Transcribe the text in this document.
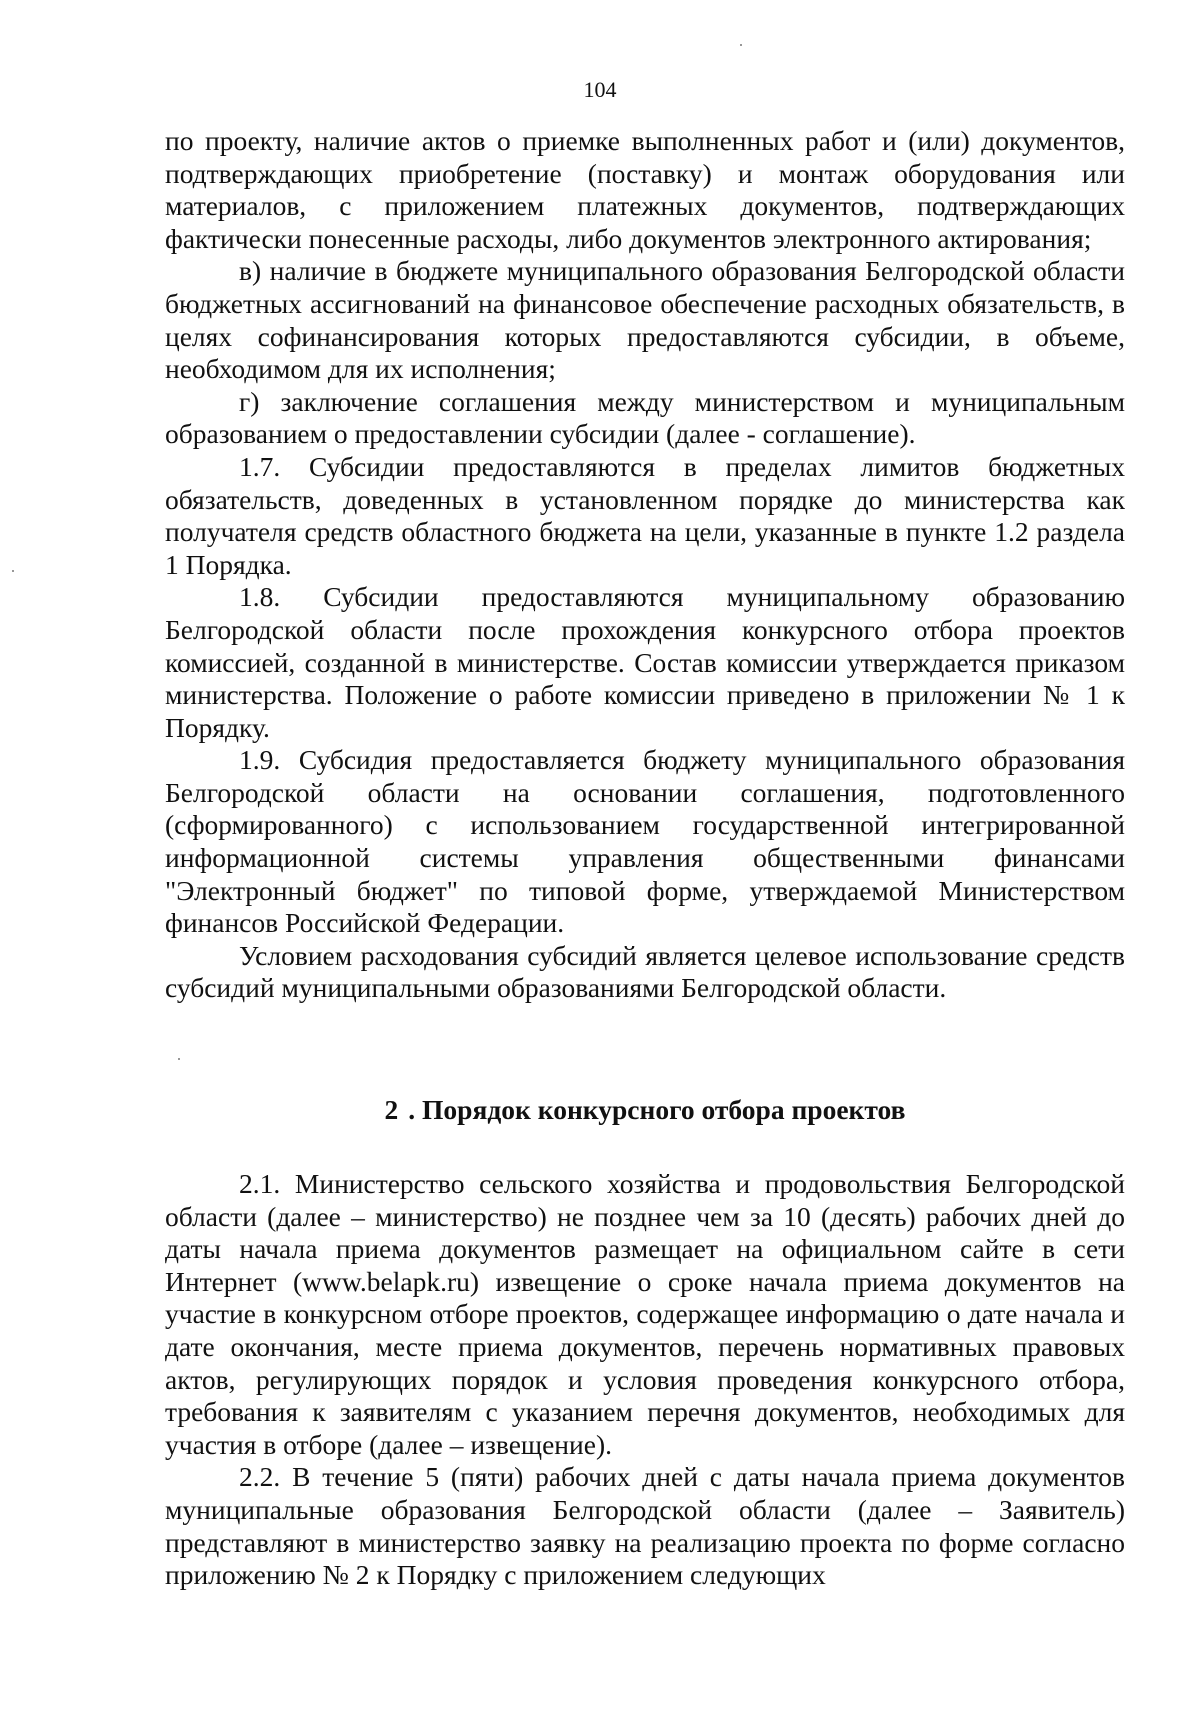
104

по проекту, наличие актов о приемке выполненных работ и (или) документов, подтверждающих приобретение (поставку) и монтаж оборудования или материалов, с приложением платежных документов, подтверждающих фактически понесенные расходы, либо документов электронного актирования;

в) наличие в бюджете муниципального образования Белгородской области бюджетных ассигнований на финансовое обеспечение расходных обязательств, в целях софинансирования которых предоставляются субсидии, в объеме, необходимом для их исполнения;

г) заключение соглашения между министерством и муниципальным образованием о предоставлении субсидии (далее - соглашение).

1.7. Субсидии предоставляются в пределах лимитов бюджетных обязательств, доведенных в установленном порядке до министерства как получателя средств областного бюджета на цели, указанные в пункте 1.2 раздела 1 Порядка.

1.8. Субсидии предоставляются муниципальному образованию Белгородской области после прохождения конкурсного отбора проектов комиссией, созданной в министерстве. Состав комиссии утверждается приказом министерства. Положение о работе комиссии приведено в приложении № 1 к Порядку.

1.9. Субсидия предоставляется бюджету муниципального образования Белгородской области на основании соглашения, подготовленного (сформированного) с использованием государственной интегрированной информационной системы управления общественными финансами "Электронный бюджет" по типовой форме, утверждаемой Министерством финансов Российской Федерации.

Условием расходования субсидий является целевое использование средств субсидий муниципальными образованиями Белгородской области.

2 . Порядок конкурсного отбора проектов

2.1. Министерство сельского хозяйства и продовольствия Белгородской области (далее – министерство) не позднее чем за 10 (десять) рабочих дней до даты начала приема документов размещает на официальном сайте в сети Интернет (www.belapk.ru) извещение о сроке начала приема документов на участие в конкурсном отборе проектов, содержащее информацию о дате начала и дате окончания, месте приема документов, перечень нормативных правовых актов, регулирующих порядок и условия проведения конкурсного отбора, требования к заявителям с указанием перечня документов, необходимых для участия в отборе (далее – извещение).

2.2. В течение 5 (пяти) рабочих дней с даты начала приема документов муниципальные образования Белгородской области (далее – Заявитель) представляют в министерство заявку на реализацию проекта по форме согласно приложению № 2 к Порядку с приложением следующих
